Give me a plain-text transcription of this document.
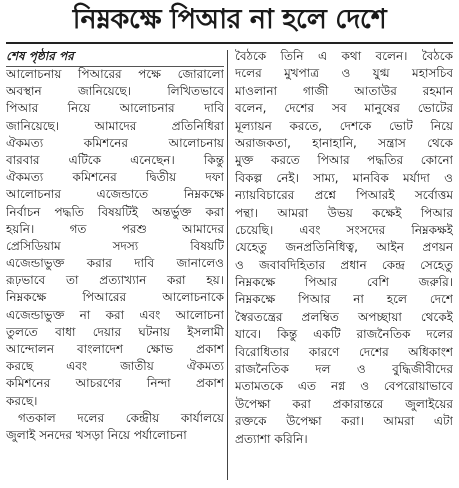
নিম্নকক্ষে পিআর না হলে দেশে
শেষ পৃষ্ঠার পর
আলোচনায় পিআরের পক্ষে জোরালো
অবস্থান জানিয়েছে। লিখিতভাবে
পিআর নিয়ে আলোচনার দাবি
জানিয়েছে। আমাদের প্রতিনিধিরা
ঐকমত্য কমিশনের আলোচনায়
বারবার এটিকে এনেছেন। কিন্তু
ঐকমত্য কমিশনের দ্বিতীয় দফা
আলোচনার এজেন্ডাতে নিম্নকক্ষে
নির্বাচন পদ্ধতি বিষয়টিই অন্তর্ভুক্ত করা
হয়নি। গত পরশু আমাদের
প্রেসিডিয়াম সদস্য বিষয়টি
এজেন্ডাভুক্ত করার দাবি জানালেও
রূঢ়ভাবে তা প্রত্যাখ্যান করা হয়।
নিম্নকক্ষে পিআরের আলোচনাকে
এজেন্ডাভুক্ত না করা এবং আলোচনা
তুলতে বাধা দেয়ার ঘটনায় ইসলামী
আন্দোলন বাংলাদেশ ক্ষোভ প্রকাশ
করছে এবং জাতীয় ঐকমত্য
কমিশনের আচরণের নিন্দা প্রকাশ
করছে।
গতকাল দলের কেন্দ্রীয় কার্যালয়ে
জুলাই সনদের খসড়া নিয়ে পর্যালোচনা
বৈঠকে তিনি এ কথা বলেন। বৈঠকে
দলের মুখপাত্র ও যুগ্ম মহাসচিব
মাওলানা গাজী আতাউর রহমান
বলেন, দেশের সব মানুষের ভোটের
মূল্যায়ন করতে, দেশকে ভোট নিয়ে
অরাজকতা, হানাহানি, সন্ত্রাস থেকে
মুক্ত করতে পিআর পদ্ধতির কোনো
বিকল্প নেই। সাম্য, মানবিক মর্যাদা ও
ন্যায়বিচারের প্রশ্নে পিআরই সর্বোত্তম
পন্থা। আমরা উভয় কক্ষেই পিআর
চেয়েছি। এবং সংসদের নিম্নকক্ষই
যেহেতু জনপ্রতিনিধিত্ব, আইন প্রণয়ন
ও জবাবদিহিতার প্রধান কেন্দ্র সেহেতু
নিম্নকক্ষে পিআর বেশি জরুরি।
নিম্নকক্ষে পিআর না হলে দেশে
স্বৈরতন্ত্রের প্রলম্বিত অপচ্ছায়া থেকেই
যাবে। কিন্তু একটি রাজনৈতিক দলের
বিরোধিতার কারণে দেশের অধিকাংশ
রাজনৈতিক দল ও বুদ্ধিজীবীদের
মতামতকে এত নগ্ন ও বেপরোয়াভাবে
উপেক্ষা করা প্রকারান্তরে জুলাইয়ের
রক্তকে উপেক্ষা করা। আমরা এটা
প্রত্যাশা করিনি।
